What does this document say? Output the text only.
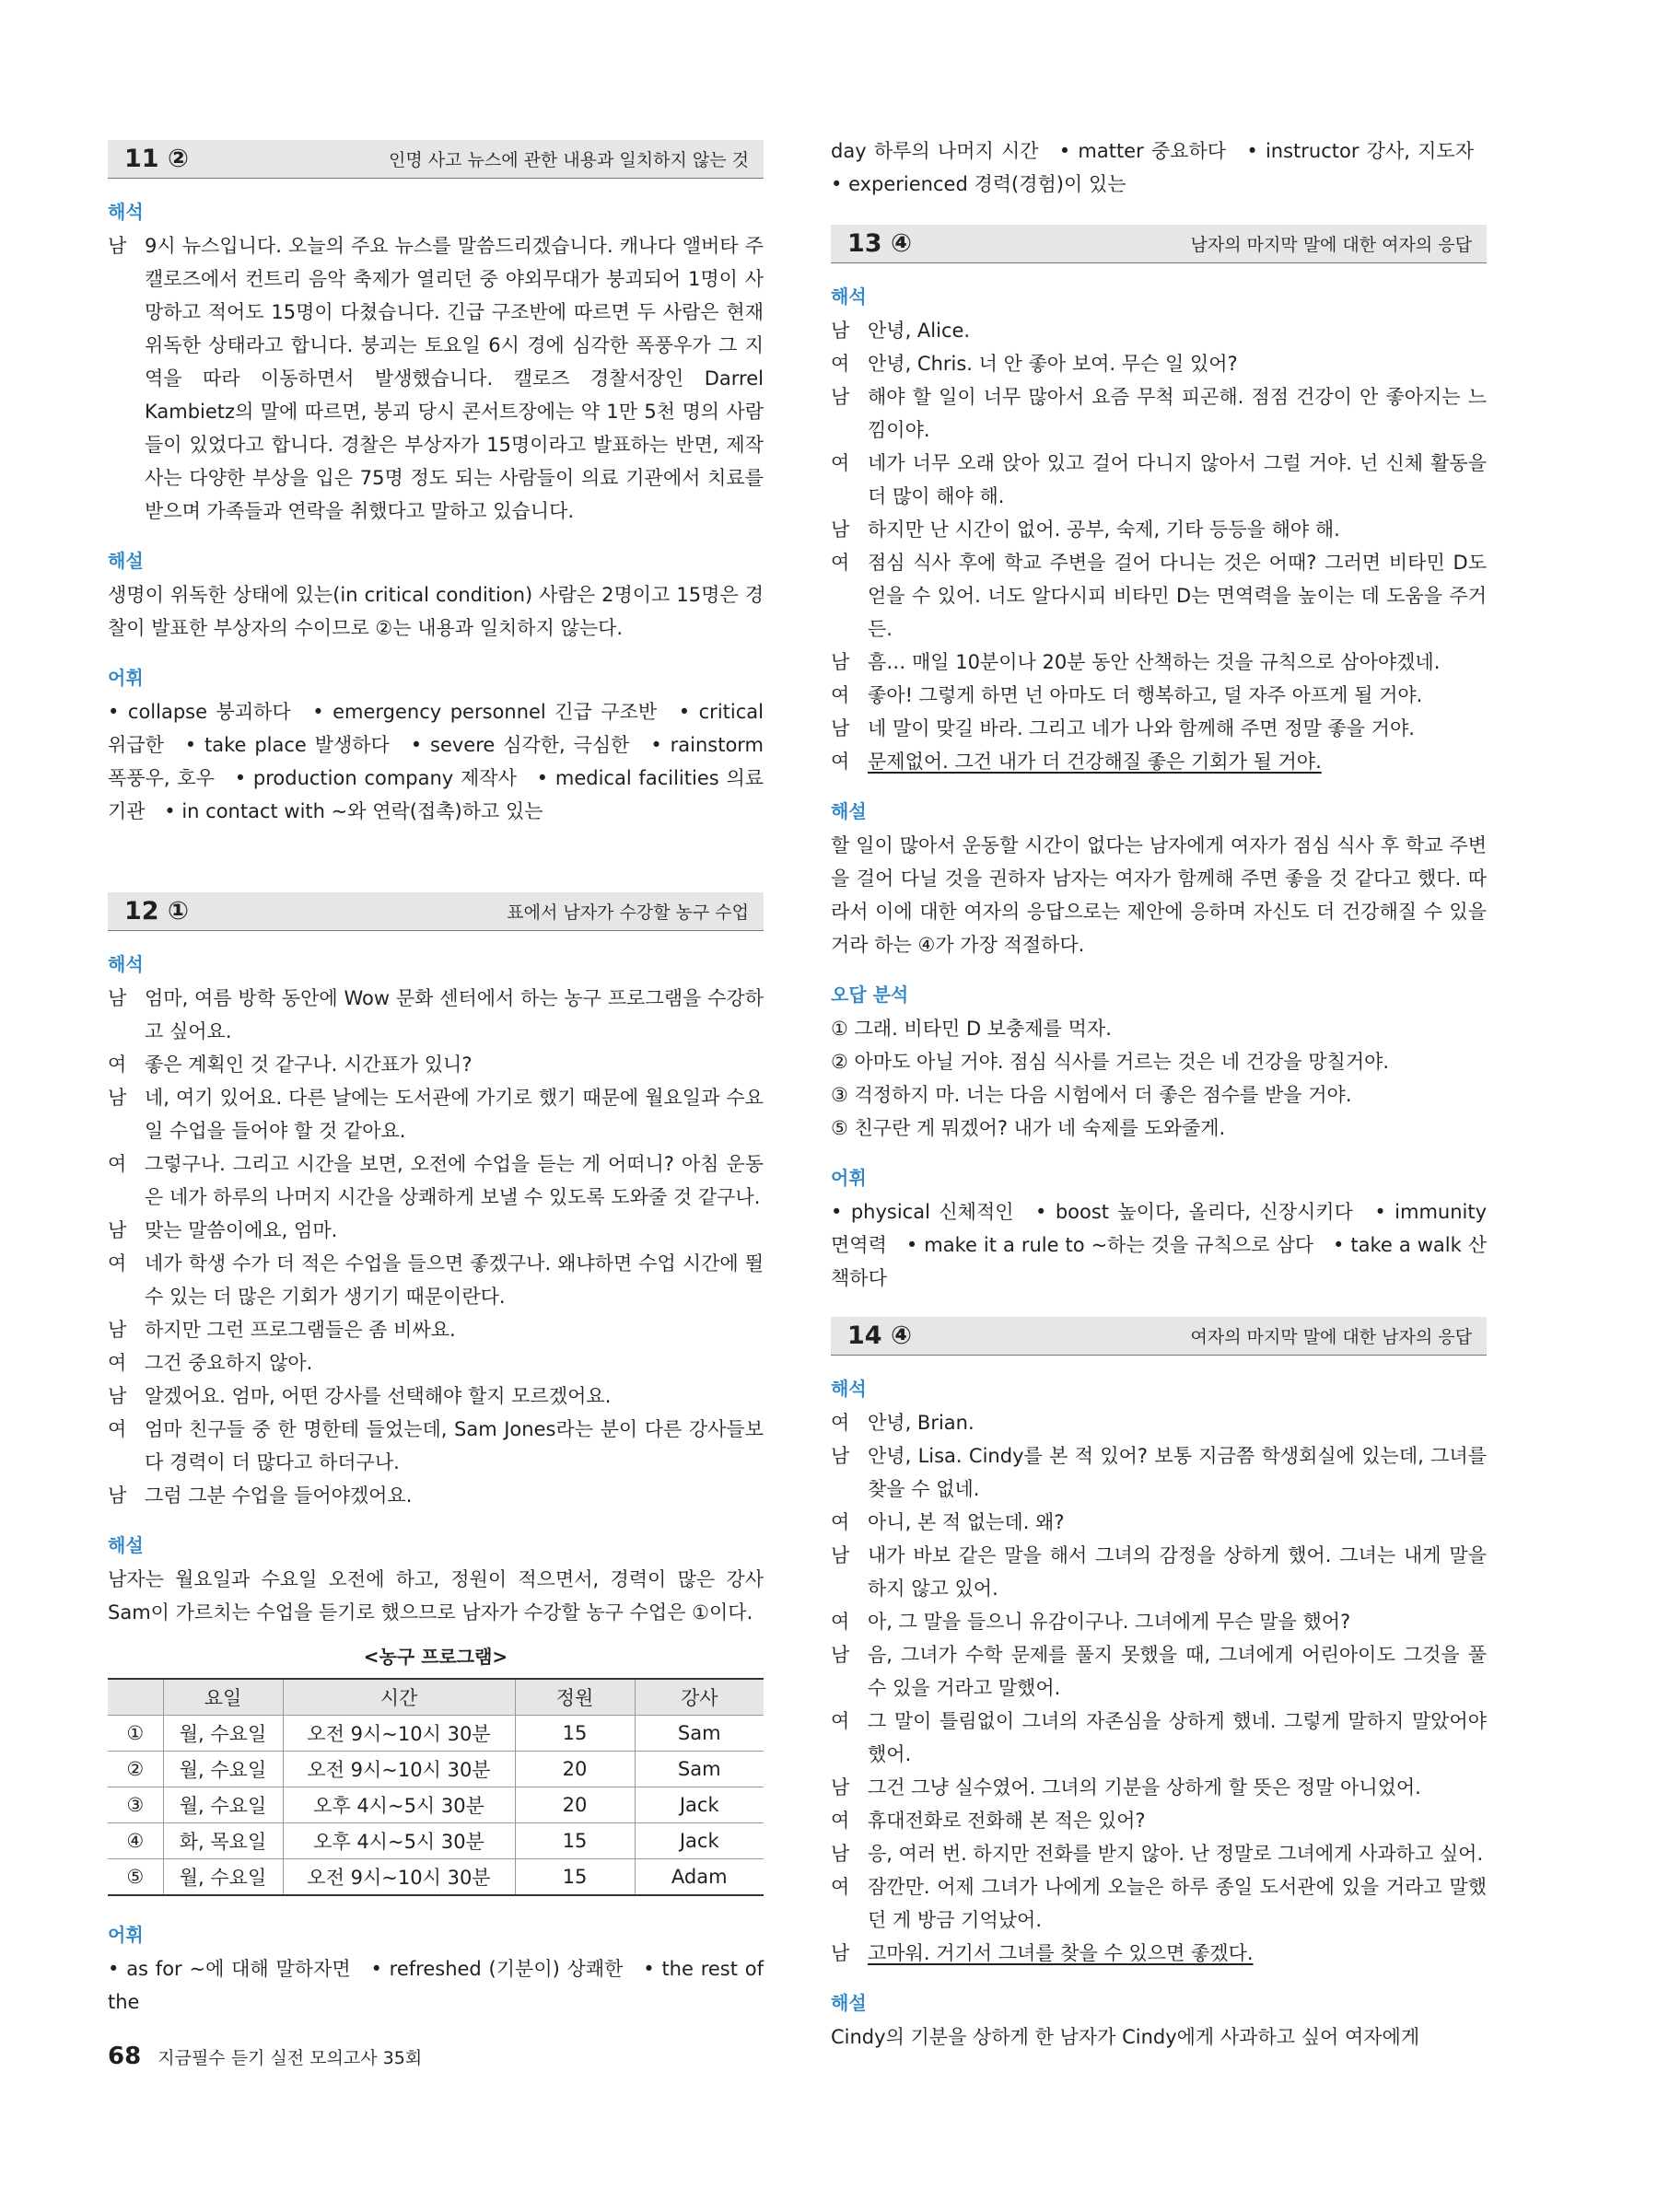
11 ②	인명 사고 뉴스에 관한 내용과 일치하지 않는 것
해석
남 9시 뉴스입니다. 오늘의 주요 뉴스를 말씀드리겠습니다. 캐나다 앨버타 주 캘로즈에서 컨트리 음악 축제가 열리던 중 야외무대가 붕괴되어 1명이 사망하고 적어도 15명이 다쳤습니다. 긴급 구조반에 따르면 두 사람은 현재 위독한 상태라고 합니다. 붕괴는 토요일 6시 경에 심각한 폭풍우가 그 지역을 따라 이동하면서 발생했습니다. 캘로즈 경찰서장인 Darrel Kambietz의 말에 따르면, 붕괴 당시 콘서트장에는 약 1만 5천 명의 사람들이 있었다고 합니다. 경찰은 부상자가 15명이라고 발표하는 반면, 제작사는 다양한 부상을 입은 75명 정도 되는 사람들이 의료 기관에서 치료를 받으며 가족들과 연락을 취했다고 말하고 있습니다.
해설

생명이 위독한 상태에 있는(in critical condition) 사람은 2명이고 15명은 경찰이 발표한 부상자의 수이므로 ②는 내용과 일치하지 않는다.

어휘

• collapse 붕괴하다 • emergency personnel 긴급 구조반 • critical 위급한 • take place 발생하다 • severe 심각한, 극심한 • rainstorm 폭풍우, 호우 • production company 제작사 • medical facilities 의료 기관 • in contact with ~와 연락(접촉)하고 있는

12 ①	표에서 남자가 수강할 농구 수업
해석
남 엄마, 여름 방학 동안에 Wow 문화 센터에서 하는 농구 프로그램을 수강하고 싶어요.
여 좋은 계획인 것 같구나. 시간표가 있니?
남 네, 여기 있어요. 다른 날에는 도서관에 가기로 했기 때문에 월요일과 수요일 수업을 들어야 할 것 같아요.
여 그렇구나. 그리고 시간을 보면, 오전에 수업을 듣는 게 어떠니? 아침 운동은 네가 하루의 나머지 시간을 상쾌하게 보낼 수 있도록 도와줄 것 같구나.
남 맞는 말씀이에요, 엄마.
여 네가 학생 수가 더 적은 수업을 들으면 좋겠구나. 왜냐하면 수업 시간에 뛸 수 있는 더 많은 기회가 생기기 때문이란다.
남 하지만 그런 프로그램들은 좀 비싸요.
여 그건 중요하지 않아.
남 알겠어요. 엄마, 어떤 강사를 선택해야 할지 모르겠어요.
여 엄마 친구들 중 한 명한테 들었는데, Sam Jones라는 분이 다른 강사들보다 경력이 더 많다고 하더구나.
남 그럼 그분 수업을 들어야겠어요.
해설

남자는 월요일과 수요일 오전에 하고, 정원이 적으면서, 경력이 많은 강사 Sam이 가르치는 수업을 듣기로 했으므로 남자가 수강할 농구 수업은 ①이다.

<농구 프로그램>
	요일	시간	정원	강사
①	월, 수요일	오전 9시~10시 30분	15	Sam
②	월, 수요일	오전 9시~10시 30분	20	Sam
③	월, 수요일	오후 4시~5시 30분	20	Jack
④	화, 목요일	오후 4시~5시 30분	15	Jack
⑤	월, 수요일	오전 9시~10시 30분	15	Adam
어휘

• as for ~에 대해 말하자면 • refreshed (기분이) 상쾌한 • the rest of the

day 하루의 나머지 시간 • matter 중요하다 • instructor 강사, 지도자 • experienced 경력(경험)이 있는

13 ④	남자의 마지막 말에 대한 여자의 응답
해석
남 안녕, Alice.
여 안녕, Chris. 너 안 좋아 보여. 무슨 일 있어?
남 해야 할 일이 너무 많아서 요즘 무척 피곤해. 점점 건강이 안 좋아지는 느낌이야.
여 네가 너무 오래 앉아 있고 걸어 다니지 않아서 그럴 거야. 넌 신체 활동을 더 많이 해야 해.
남 하지만 난 시간이 없어. 공부, 숙제, 기타 등등을 해야 해.
여 점심 식사 후에 학교 주변을 걸어 다니는 것은 어때? 그러면 비타민 D도 얻을 수 있어. 너도 알다시피 비타민 D는 면역력을 높이는 데 도움을 주거든.
남 흠… 매일 10분이나 20분 동안 산책하는 것을 규칙으로 삼아야겠네.
여 좋아! 그렇게 하면 넌 아마도 더 행복하고, 덜 자주 아프게 될 거야.
남 네 말이 맞길 바라. 그리고 네가 나와 함께해 주면 정말 좋을 거야.
여 문제없어. 그건 내가 더 건강해질 좋은 기회가 될 거야.
해설

할 일이 많아서 운동할 시간이 없다는 남자에게 여자가 점심 식사 후 학교 주변을 걸어 다닐 것을 권하자 남자는 여자가 함께해 주면 좋을 것 같다고 했다. 따라서 이에 대한 여자의 응답으로는 제안에 응하며 자신도 더 건강해질 수 있을 거라 하는 ④가 가장 적절하다.

오답 분석
① 그래. 비타민 D 보충제를 먹자.
② 아마도 아닐 거야. 점심 식사를 거르는 것은 네 건강을 망칠거야.
③ 걱정하지 마. 너는 다음 시험에서 더 좋은 점수를 받을 거야.
⑤ 친구란 게 뭐겠어? 내가 네 숙제를 도와줄게.
어휘

• physical 신체적인 • boost 높이다, 올리다, 신장시키다 • immunity 면역력 • make it a rule to ~하는 것을 규칙으로 삼다 • take a walk 산책하다

14 ④	여자의 마지막 말에 대한 남자의 응답
해석
여 안녕, Brian.
남 안녕, Lisa. Cindy를 본 적 있어? 보통 지금쯤 학생회실에 있는데, 그녀를 찾을 수 없네.
여 아니, 본 적 없는데. 왜?
남 내가 바보 같은 말을 해서 그녀의 감정을 상하게 했어. 그녀는 내게 말을 하지 않고 있어.
여 아, 그 말을 들으니 유감이구나. 그녀에게 무슨 말을 했어?
남 음, 그녀가 수학 문제를 풀지 못했을 때, 그녀에게 어린아이도 그것을 풀 수 있을 거라고 말했어.
여 그 말이 틀림없이 그녀의 자존심을 상하게 했네. 그렇게 말하지 말았어야 했어.
남 그건 그냥 실수였어. 그녀의 기분을 상하게 할 뜻은 정말 아니었어.
여 휴대전화로 전화해 본 적은 있어?
남 응, 여러 번. 하지만 전화를 받지 않아. 난 정말로 그녀에게 사과하고 싶어.
여 잠깐만. 어제 그녀가 나에게 오늘은 하루 종일 도서관에 있을 거라고 말했던 게 방금 기억났어.
남 고마워. 거기서 그녀를 찾을 수 있으면 좋겠다.
해설

Cindy의 기분을 상하게 한 남자가 Cindy에게 사과하고 싶어 여자에게

68 지금필수 듣기 실전 모의고사 35회
